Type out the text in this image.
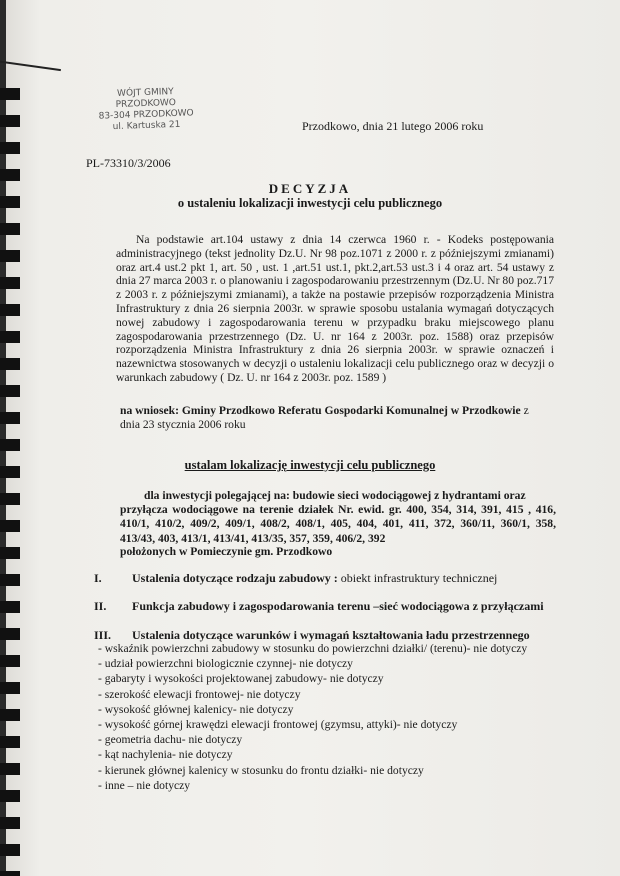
WÓJT GMINY PRZODKOWO
83-304 PRZODKOWO
ul. Kartuska 21	Przodkowo, dnia 21 lutego 2006 roku
PL-73310/3/2006
DECYZJA
o ustaleniu lokalizacji inwestycji celu publicznego
Na podstawie art.104 ustawy z dnia 14 czerwca 1960 r. - Kodeks postępowania administracyjnego (tekst jednolity Dz.U. Nr 98 poz.1071 z 2000 r. z późniejszymi zmianami) oraz art.4 ust.2 pkt 1, art. 50 , ust. 1 ,art.51 ust.1, pkt.2,art.53 ust.3 i 4 oraz art. 54 ustawy z dnia 27 marca 2003 r. o planowaniu i zagospodarowaniu przestrzennym (Dz.U. Nr 80 poz.717 z 2003 r. z późniejszymi zmianami), a także na postawie przepisów rozporządzenia Ministra Infrastruktury z dnia 26 sierpnia 2003r. w sprawie sposobu ustalania wymagań dotyczących nowej zabudowy i zagospodarowania terenu w przypadku braku miejscowego planu zagospodarowania przestrzennego (Dz. U. nr 164 z 2003r. poz. 1588) oraz przepisów rozporządzenia Ministra Infrastruktury z dnia 26 sierpnia 2003r. w sprawie oznaczeń i nazewnictwa stosowanych w decyzji o ustaleniu lokalizacji celu publicznego oraz w decyzji o warunkach zabudowy ( Dz. U. nr 164 z 2003r. poz. 1589 )
na wniosek: Gminy Przodkowo Referatu Gospodarki Komunalnej w Przodkowie z dnia 23 stycznia 2006 roku
ustalam lokalizację inwestycji celu publicznego
dla inwestycji polegającej na: budowie sieci wodociągowej z hydrantami oraz
przyłącza wodociągowe na terenie działek Nr. ewid. gr. 400, 354, 314, 391, 415 , 416, 410/1, 410/2, 409/2, 409/1, 408/2, 408/1, 405, 404, 401, 411, 372, 360/11, 360/1, 358, 413/43, 403, 413/1, 413/41, 413/35, 357, 359, 406/2, 392
położonych w Pomieczynie gm. Przodkowo
I.	Ustalenia dotyczące rodzaju zabudowy : obiekt infrastruktury technicznej
II. Funkcja zabudowy i zagospodarowania terenu –sieć wodociągowa z przyłączami
III. Ustalenia dotyczące warunków i wymagań kształtowania ładu przestrzennego
- wskaźnik powierzchni zabudowy w stosunku do powierzchni działki/ (terenu)- nie dotyczy
- udział powierzchni biologicznie czynnej- nie dotyczy
- gabaryty i wysokości projektowanej zabudowy- nie dotyczy
- szerokość elewacji frontowej- nie dotyczy
- wysokość głównej kalenicy- nie dotyczy
- wysokość górnej krawędzi elewacji frontowej (gzymsu, attyki)- nie dotyczy
- geometria dachu- nie dotyczy
- kąt nachylenia- nie dotyczy
- kierunek głównej kalenicy w stosunku do frontu działki- nie dotyczy
- inne – nie dotyczy
